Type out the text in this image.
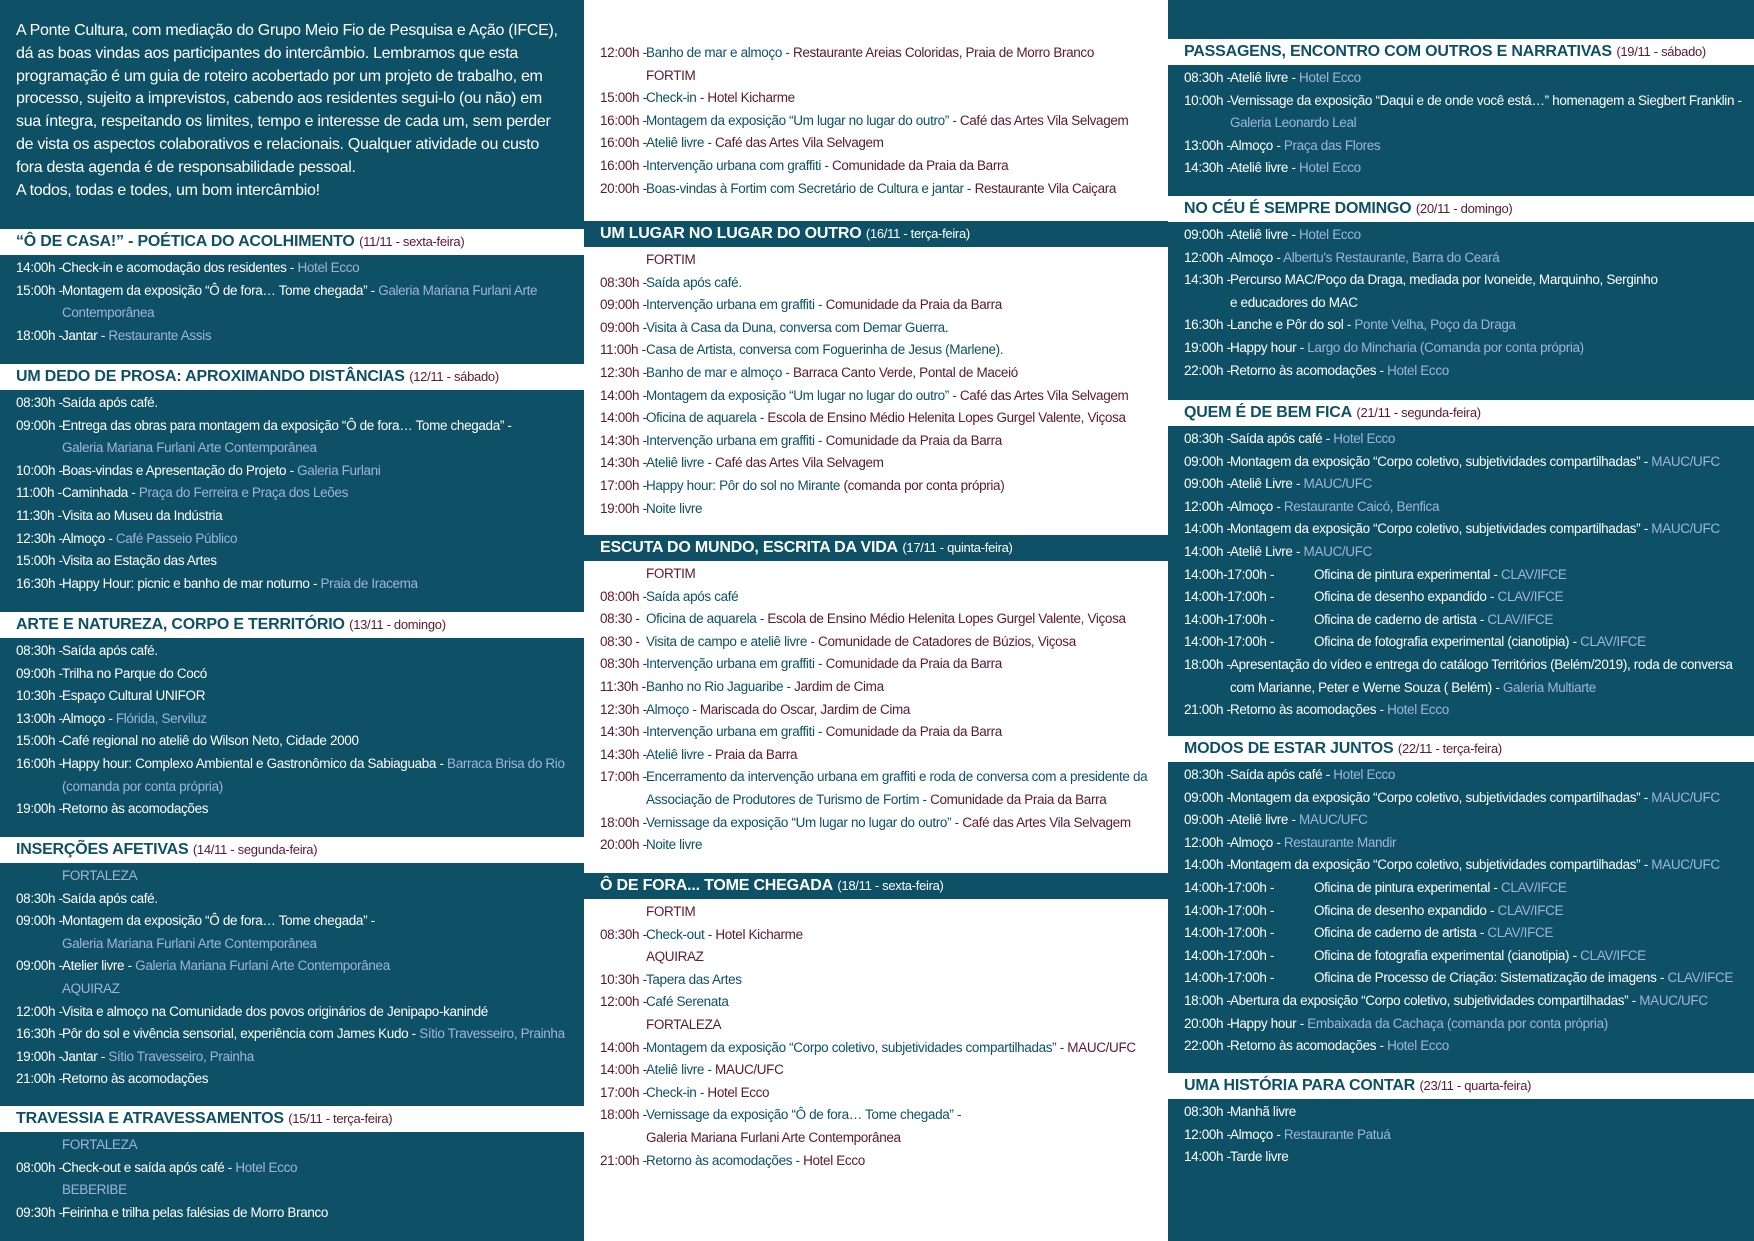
A Ponte Cultura, com mediação do Grupo Meio Fio de Pesquisa e Ação (IFCE), dá as boas vindas aos participantes do intercâmbio. Lembramos que esta programação é um guia de roteiro acobertado por um projeto de trabalho, em processo, sujeito a imprevistos, cabendo aos residentes segui-lo (ou não) em sua íntegra, respeitando os limites, tempo e interesse de cada um, sem perder de vista os aspectos colaborativos e relacionais. Qualquer atividade ou custo fora desta agenda é de responsabilidade pessoal.

A todos, todas e todes, um bom intercâmbio!

“Ô DE CASA!” - POÉTICA DO ACOLHIMENTO (11/11 - sexta-feira)
14:00h - Check-in e acomodação dos residentes - Hotel Ecco
15:00h - Montagem da exposição “Ô de fora… Tome chegada” - Galeria Mariana Furlani Arte Contemporânea
18:00h - Jantar - Restaurante Assis
UM DEDO DE PROSA: APROXIMANDO DISTÂNCIAS (12/11 - sábado)
08:30h - Saída após café.
09:00h - Entrega das obras para montagem da exposição “Ô de fora… Tome chegada” -
Galeria Mariana Furlani Arte Contemporânea
10:00h - Boas-vindas e Apresentação do Projeto - Galeria Furlani
11:00h - Caminhada - Praça do Ferreira e Praça dos Leões
11:30h - Visita ao Museu da Indústria
12:30h - Almoço - Café Passeio Público
15:00h - Visita ao Estação das Artes
16:30h - Happy Hour: picnic e banho de mar noturno - Praia de Iracema
ARTE E NATUREZA, CORPO E TERRITÓRIO (13/11 - domingo)
08:30h - Saída após café.
09:00h - Trilha no Parque do Cocó
10:30h - Espaço Cultural UNIFOR
13:00h - Almoço - Flórida, Serviluz
15:00h - Café regional no ateliê do Wilson Neto, Cidade 2000
16:00h - Happy hour: Complexo Ambiental e Gastronômico da Sabiaguaba - Barraca Brisa do Rio (comanda por conta própria)
19:00h - Retorno às acomodações
INSERÇÕES AFETIVAS (14/11 - segunda-feira)
FORTALEZA
08:30h - Saída após café.
09:00h - Montagem da exposição “Ô de fora… Tome chegada” -
Galeria Mariana Furlani Arte Contemporânea
09:00h - Atelier livre - Galeria Mariana Furlani Arte Contemporânea
AQUIRAZ
12:00h - Visita e almoço na Comunidade dos povos originários de Jenipapo-kanindé
16:30h - Pôr do sol e vivência sensorial, experiência com James Kudo - Sítio Travesseiro, Prainha
19:00h - Jantar - Sítio Travesseiro, Prainha
21:00h - Retorno às acomodações
TRAVESSIA E ATRAVESSAMENTOS (15/11 - terça-feira)
FORTALEZA
08:00h - Check-out e saída após café - Hotel Ecco
BEBERIBE
09:30h - Feirinha e trilha pelas falésias de Morro Branco
12:00h - Banho de mar e almoço - Restaurante Areias Coloridas, Praia de Morro Branco
FORTIM
15:00h - Check-in - Hotel Kicharme
16:00h - Montagem da exposição “Um lugar no lugar do outro” - Café das Artes Vila Selvagem
16:00h - Ateliê livre - Café das Artes Vila Selvagem
16:00h - Intervenção urbana com graffiti - Comunidade da Praia da Barra
20:00h - Boas-vindas à Fortim com Secretário de Cultura e jantar - Restaurante Vila Caiçara
UM LUGAR NO LUGAR DO OUTRO (16/11 - terça-feira)
FORTIM
08:30h - Saída após café.
09:00h - Intervenção urbana em graffiti - Comunidade da Praia da Barra
09:00h - Visita à Casa da Duna, conversa com Demar Guerra.
11:00h - Casa de Artista, conversa com Foguerinha de Jesus (Marlene).
12:30h - Banho de mar e almoço - Barraca Canto Verde, Pontal de Maceió
14:00h - Montagem da exposição “Um lugar no lugar do outro” - Café das Artes Vila Selvagem
14:00h - Oficina de aquarela - Escola de Ensino Médio Helenita Lopes Gurgel Valente, Viçosa
14:30h - Intervenção urbana em graffiti - Comunidade da Praia da Barra
14:30h - Ateliê livre - Café das Artes Vila Selvagem
17:00h - Happy hour: Pôr do sol no Mirante (comanda por conta própria)
19:00h - Noite livre
ESCUTA DO MUNDO, ESCRITA DA VIDA (17/11 - quinta-feira)
FORTIM
08:00h - Saída após café
08:30 - Oficina de aquarela - Escola de Ensino Médio Helenita Lopes Gurgel Valente, Viçosa
08:30 - Visita de campo e ateliê livre - Comunidade de Catadores de Búzios, Viçosa
08:30h - Intervenção urbana em graffiti - Comunidade da Praia da Barra
11:30h - Banho no Rio Jaguaribe - Jardim de Cima
12:30h - Almoço - Mariscada do Oscar, Jardim de Cima
14:30h - Intervenção urbana em graffiti - Comunidade da Praia da Barra
14:30h - Ateliê livre - Praia da Barra
17:00h - Encerramento da intervenção urbana em graffiti e roda de conversa com a presidente da Associação de Produtores de Turismo de Fortim - Comunidade da Praia da Barra
18:00h - Vernissage da exposição “Um lugar no lugar do outro” - Café das Artes Vila Selvagem
20:00h - Noite livre
Ô DE FORA... TOME CHEGADA (18/11 - sexta-feira)
FORTIM
08:30h - Check-out - Hotel Kicharme
AQUIRAZ
10:30h - Tapera das Artes
12:00h - Café Serenata
FORTALEZA
14:00h - Montagem da exposição “Corpo coletivo, subjetividades compartilhadas” - MAUC/UFC
14:00h - Ateliê livre - MAUC/UFC
17:00h - Check-in - Hotel Ecco
18:00h - Vernissage da exposição “Ô de fora… Tome chegada” -
Galeria Mariana Furlani Arte Contemporânea
21:00h - Retorno às acomodações - Hotel Ecco
PASSAGENS, ENCONTRO COM OUTROS E NARRATIVAS (19/11 - sábado)
08:30h - Ateliê livre - Hotel Ecco
10:00h - Vernissage da exposição “Daqui e de onde você está…” homenagem a Siegbert Franklin -
Galeria Leonardo Leal
13:00h - Almoço - Praça das Flores
14:30h - Ateliê livre - Hotel Ecco
NO CÉU É SEMPRE DOMINGO (20/11 - domingo)
09:00h - Ateliê livre - Hotel Ecco
12:00h - Almoço - Albertu's Restaurante, Barra do Ceará
14:30h - Percurso MAC/Poço da Draga, mediada por Ivoneide, Marquinho, Serginho
e educadores do MAC
16:30h - Lanche e Pôr do sol - Ponte Velha, Poço da Draga
19:00h - Happy hour - Largo do Mincharia (Comanda por conta própria)
22:00h - Retorno às acomodações - Hotel Ecco
QUEM É DE BEM FICA (21/11 - segunda-feira)
08:30h - Saída após café - Hotel Ecco
09:00h - Montagem da exposição “Corpo coletivo, subjetividades compartilhadas” - MAUC/UFC
09:00h - Ateliê Livre - MAUC/UFC
12:00h - Almoço - Restaurante Caicó, Benfica
14:00h - Montagem da exposição “Corpo coletivo, subjetividades compartilhadas” - MAUC/UFC
14:00h - Ateliê Livre - MAUC/UFC
14:00h-17:00h -	Oficina de pintura experimental - CLAV/IFCE
14:00h-17:00h -	Oficina de desenho expandido - CLAV/IFCE
14:00h-17:00h -	Oficina de caderno de artista - CLAV/IFCE
14:00h-17:00h -	Oficina de fotografia experimental (cianotipia) - CLAV/IFCE
18:00h - Apresentação do vídeo e entrega do catálogo Territórios (Belém/2019), roda de conversa com Marianne, Peter e Werne Souza ( Belém) - Galeria Multiarte
21:00h - Retorno às acomodações - Hotel Ecco
MODOS DE ESTAR JUNTOS (22/11 - terça-feira)
08:30h - Saída após café - Hotel Ecco
09:00h - Montagem da exposição “Corpo coletivo, subjetividades compartilhadas” - MAUC/UFC
09:00h - Ateliê livre - MAUC/UFC
12:00h - Almoço - Restaurante Mandir
14:00h - Montagem da exposição “Corpo coletivo, subjetividades compartilhadas” - MAUC/UFC
14:00h-17:00h -	Oficina de pintura experimental - CLAV/IFCE
14:00h-17:00h -	Oficina de desenho expandido - CLAV/IFCE
14:00h-17:00h -	Oficina de caderno de artista - CLAV/IFCE
14:00h-17:00h -	Oficina de fotografia experimental (cianotipia) - CLAV/IFCE
14:00h-17:00h -	Oficina de Processo de Criação: Sistematização de imagens - CLAV/IFCE
18:00h - Abertura da exposição “Corpo coletivo, subjetividades compartilhadas” - MAUC/UFC
20:00h - Happy hour - Embaixada da Cachaça (comanda por conta própria)
22:00h - Retorno às acomodações - Hotel Ecco
UMA HISTÓRIA PARA CONTAR (23/11 - quarta-feira)
08:30h - Manhã livre
12:00h - Almoço - Restaurante Patuá
14:00h - Tarde livre
